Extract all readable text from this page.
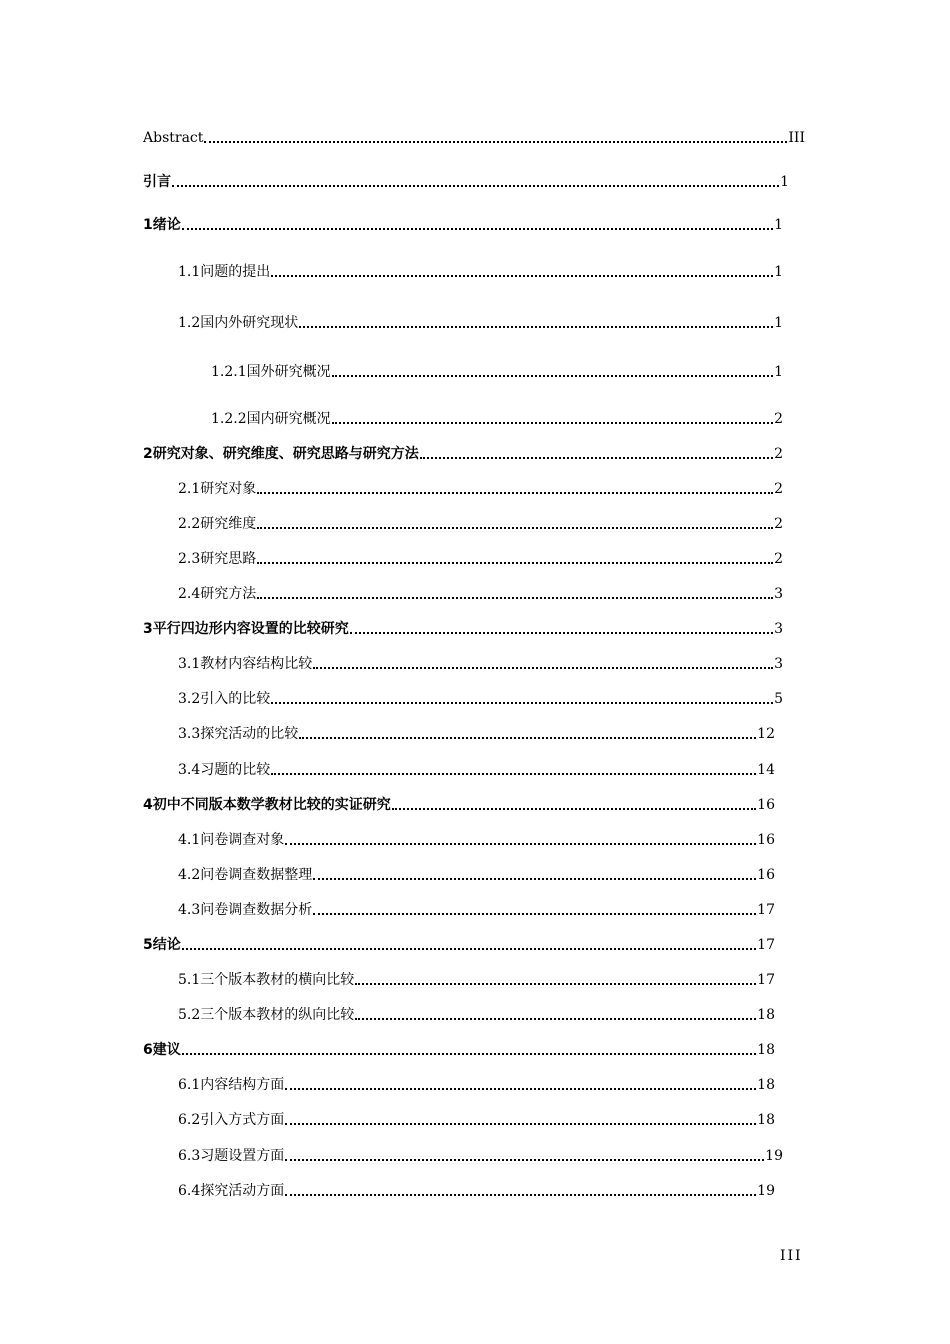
Abstract	III
引言	1
1绪论	1
1.1问题的提出	1
1.2国内外研究现状	1
1.2.1国外研究概况	1
1.2.2国内研究概况	2
2研究对象、研究维度、研究思路与研究方法	2
2.1研究对象	2
2.2研究维度	2
2.3研究思路	2
2.4研究方法	3
3平行四边形内容设置的比较研究	3
3.1教材内容结构比较	3
3.2引入的比较	5
3.3探究活动的比较	12
3.4习题的比较	14
4初中不同版本数学教材比较的实证研究	16
4.1问卷调查对象	16
4.2问卷调查数据整理	16
4.3问卷调查数据分析	17
5结论	17
5.1三个版本教材的横向比较	17
5.2三个版本教材的纵向比较	18
6建议	18
6.1内容结构方面	18
6.2引入方式方面	18
6.3习题设置方面	19
6.4探究活动方面	19
III
